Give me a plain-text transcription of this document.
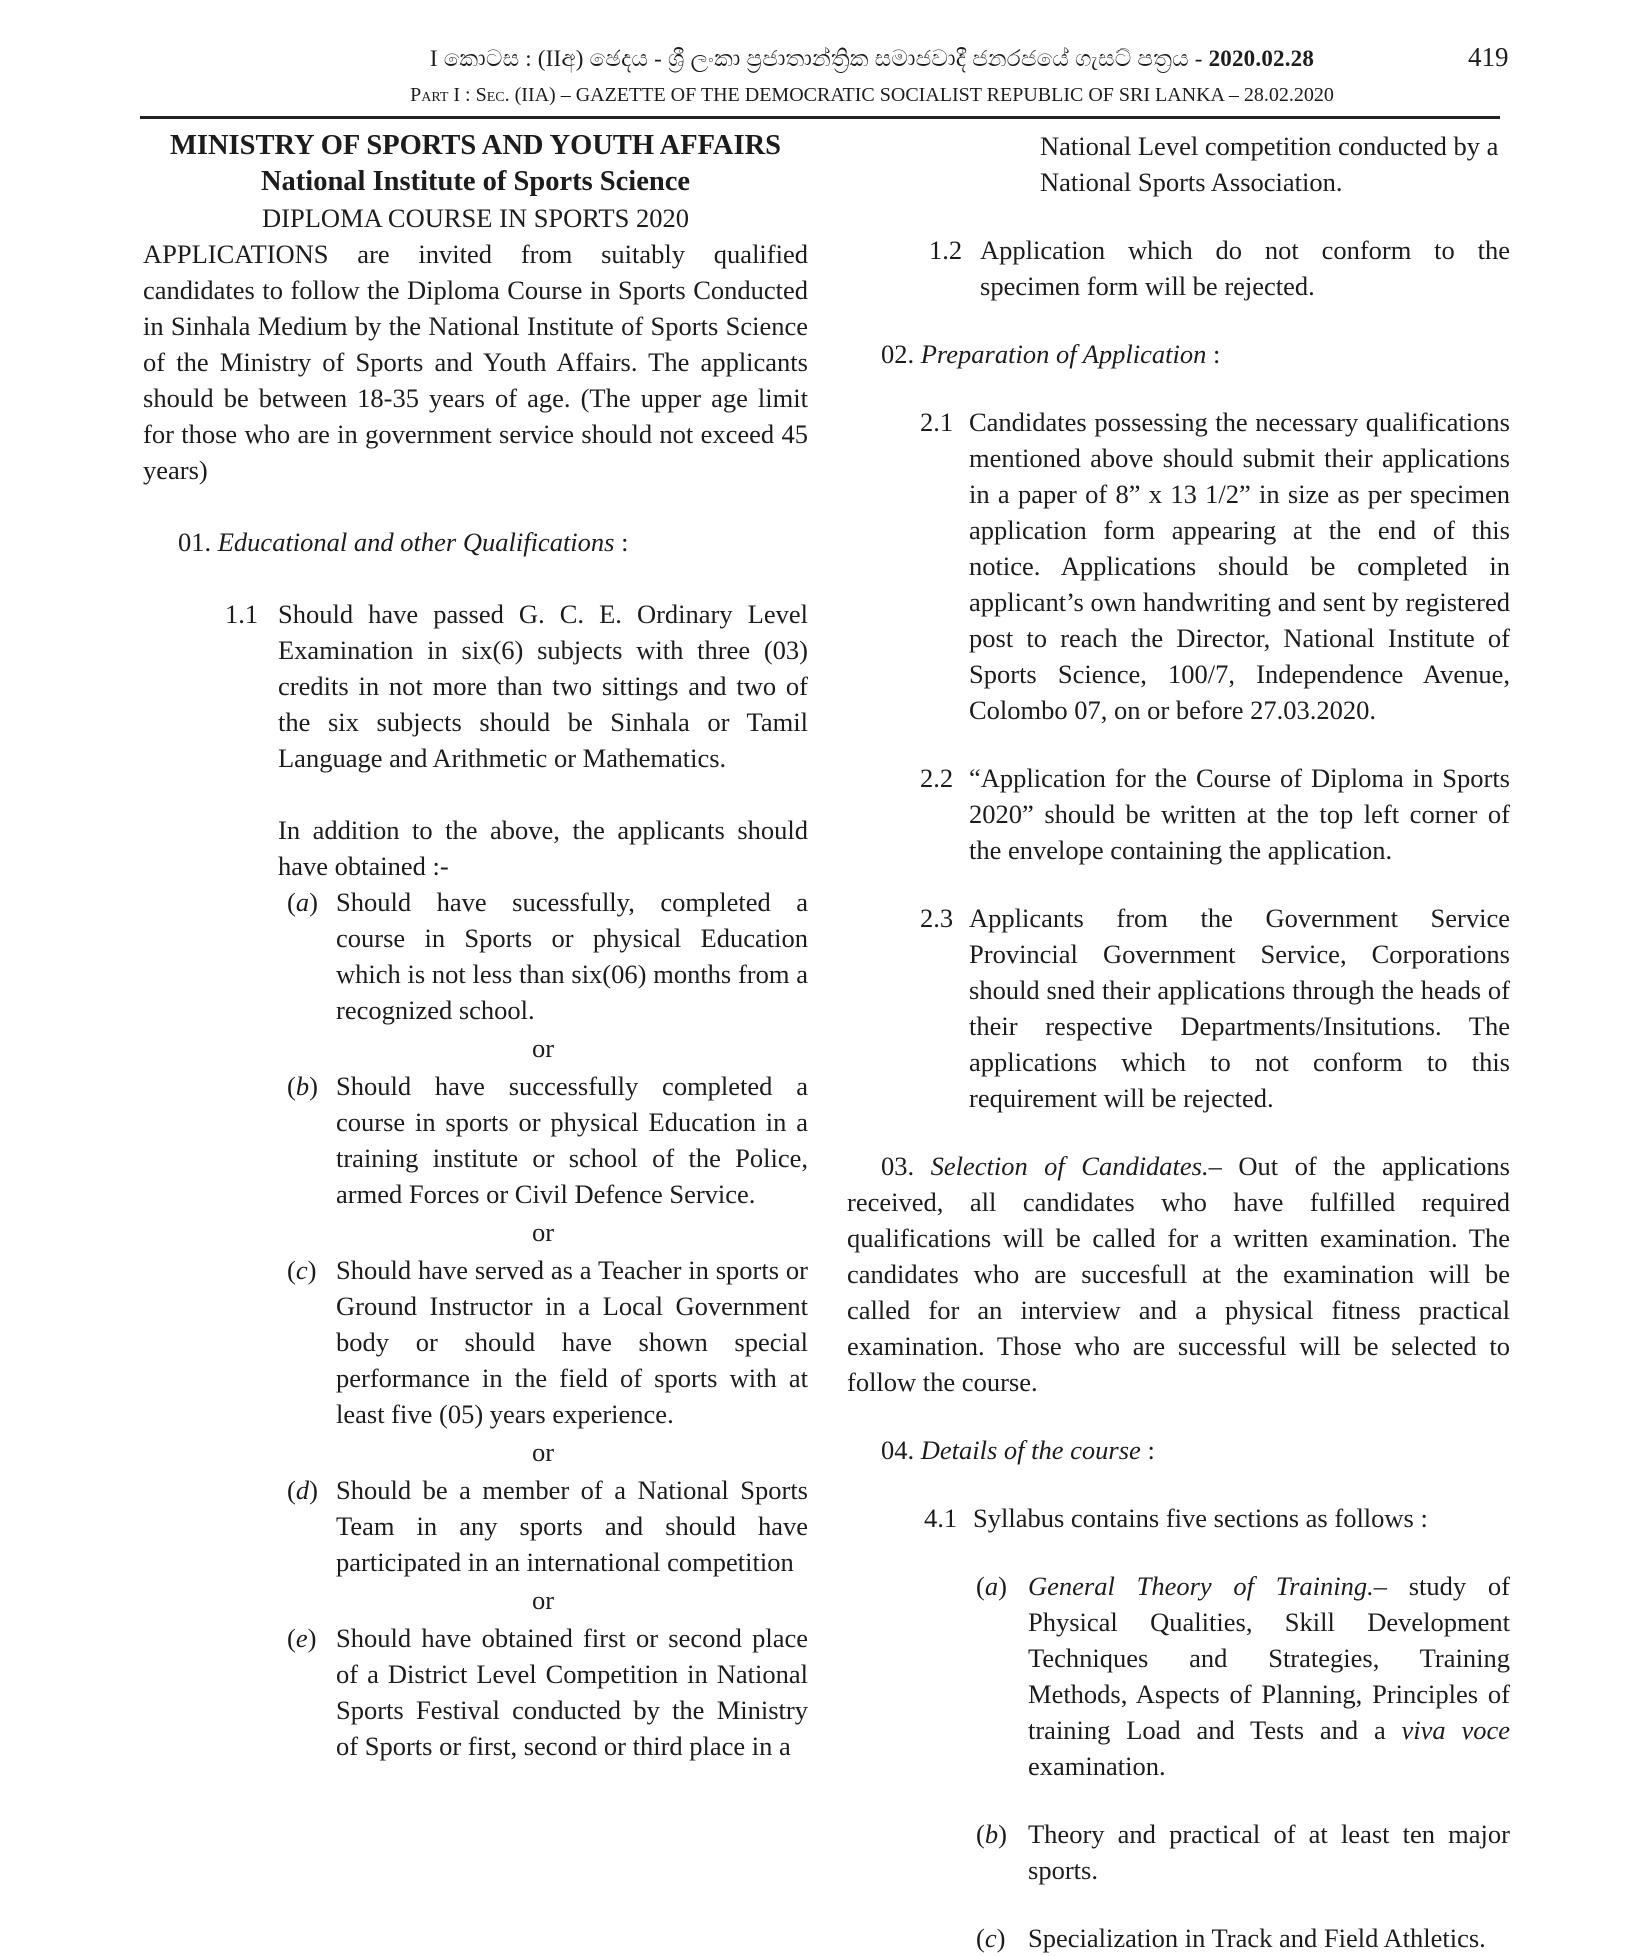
I කොටස : (IIඅ) ඡෙදය - ශ්‍රී ලංකා ප්‍රජාතාන්ත්‍රික සමාජවාදී ජනරජයේ ගැසට් පත්‍රය - 2020.02.28	419
Part I : Sec. (IIA) – GAZETTE OF THE DEMOCRATIC SOCIALIST REPUBLIC OF SRI LANKA – 28.02.2020

MINISTRY OF SPORTS AND YOUTH AFFAIRS

National Institute of Sports Science

DIPLOMA COURSE IN SPORTS 2020

APPLICATIONS are invited from suitably qualified candidates to follow the Diploma Course in Sports Conducted in Sinhala Medium by the National Institute of Sports Science of the Ministry of Sports and Youth Affairs. The applicants should be between 18-35 years of age. (The upper age limit for those who are in government service should not exceed 45 years)

01. Educational and other Qualifications :

1.1 Should have passed G. C. E. Ordinary Level Examination in six(6) subjects with three (03) credits in not more than two sittings and two of the six subjects should be Sinhala or Tamil Language and Arithmetic or Mathematics.

In addition to the above, the applicants should have obtained :-

(a) Should have sucessfully, completed a course in Sports or physical Education which is not less than six(06) months from a recognized school.

or

(b) Should have successfully completed a course in sports or physical Education in a training institute or school of the Police, armed Forces or Civil Defence Service.

or

(c) Should have served as a Teacher in sports or Ground Instructor in a Local Government body or should have shown special performance in the field of sports with at least five (05) years experience.

or

(d) Should be a member of a National Sports Team in any sports and should have participated in an international competition

or

(e) Should have obtained first or second place of a District Level Competition in National Sports Festival conducted by the Ministry of Sports or first, second or third place in a

National Level competition conducted by a National Sports Association.

1.2 Application which do not conform to the specimen form will be rejected.

02. Preparation of Application :

2.1 Candidates possessing the necessary qualifications mentioned above should submit their applications in a paper of 8” x 13 1/2” in size as per specimen application form appearing at the end of this notice. Applications should be completed in applicant’s own handwriting and sent by registered post to reach the Director, National Institute of Sports Science, 100/7, Independence Avenue, Colombo 07, on or before 27.03.2020.
2.2 “Application for the Course of Diploma in Sports 2020” should be written at the top left corner of the envelope containing the application.
2.3 Applicants from the Government Service Provincial Government Service, Corporations should sned their applications through the heads of their respective Departments/Insitutions. The applications which to not conform to this requirement will be rejected.

03. Selection of Candidates.– Out of the applications received, all candidates who have fulfilled required qualifications will be called for a written examination. The candidates who are succesfull at the examination will be called for an interview and a physical fitness practical examination. Those who are successful will be selected to follow the course.

04. Details of the course :

4.1 Syllabus contains five sections as follows :
(a) General Theory of Training.– study of Physical Qualities, Skill Development Techniques and Strategies, Training Methods, Aspects of Planning, Principles of training Load and Tests and a viva voce examination.
(b) Theory and practical of at least ten major sports.
(c) Specialization in Track and Field Athletics.
